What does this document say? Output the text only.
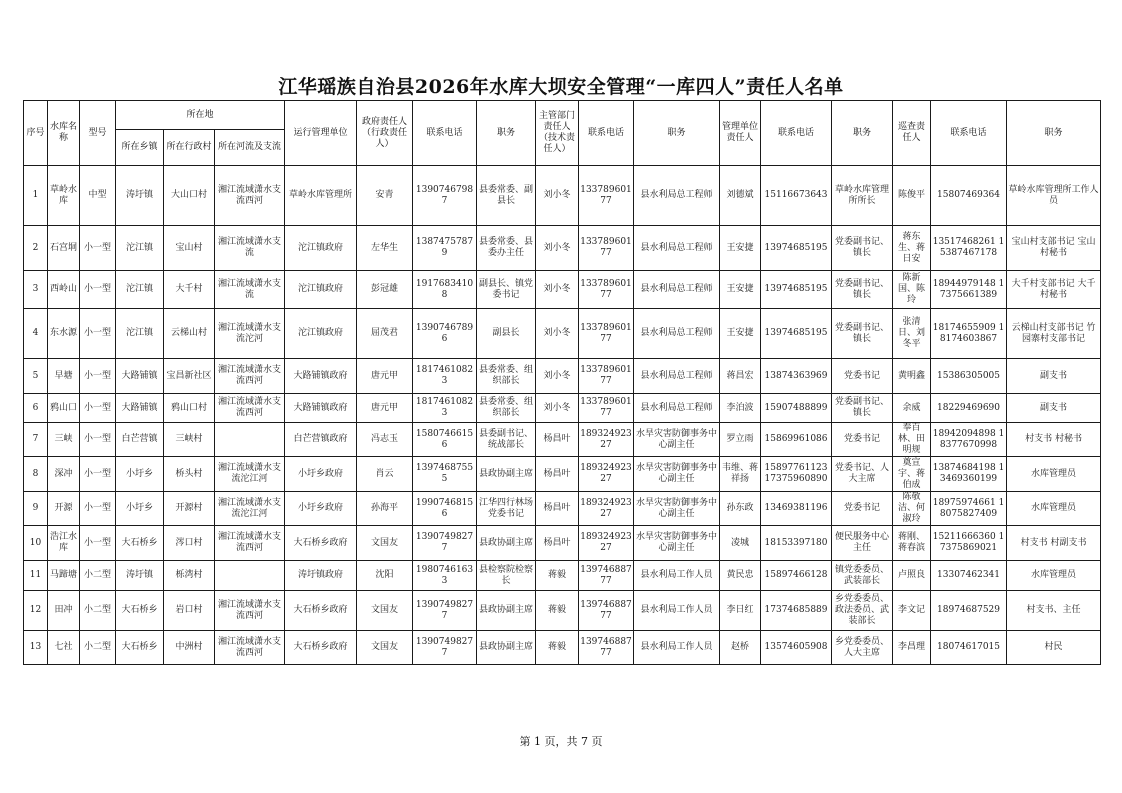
江华瑶族自治县2026年水库大坝安全管理“一库四人”责任人名单
序号	水库名称	型号	所在地			运行管理单位	政府责任人（行政责任人）	联系电话	职务	主管部门责任人（技术责任人）	联系电话	职务	管理单位责任人	联系电话	职务	巡查责任人	联系电话	职务
			所在乡镇	所在行政村	所在河流及支流													
1	草岭水库	中型	涛圩镇	大山口村	湘江流域潇水支流西河	草岭水库管理所	安青	13907467987	县委常委、副县长	刘小冬	13378960177	县水利局总工程师	刘德斌	15116673643	草岭水库管理所所长	陈俊平	15807469364	草岭水库管理所工作人员
2	石宫垌	小一型	沱江镇	宝山村	湘江流域潇水支流	沱江镇政府	左华生	13874757879	县委常委、县委办主任	刘小冬	13378960177	县水利局总工程师	王安捷	13974685195	党委副书记、镇长	蒋东生、蒋日安	13517468261 15387467178	宝山村支部书记 宝山村秘书
3	西岭山	小一型	沱江镇	大千村	湘江流域潇水支流	沱江镇政府	彭冠雄	19176834108	副县长、镇党委书记	刘小冬	13378960177	县水利局总工程师	王安捷	13974685195	党委副书记、镇长	陈新国、陈玲	18944979148 17375661389	大千村支部书记 大千村秘书
4	东水源	小一型	沱江镇	云梯山村	湘江流域潇水支流沱河	沱江镇政府	屈茂君	13907467896	副县长	刘小冬	13378960177	县水利局总工程师	王安捷	13974685195	党委副书记、镇长	张清日、刘冬平	18174655909 18174603867	云梯山村支部书记 竹园寨村支部书记
5	早塘	小一型	大路铺镇	宝昌新社区	湘江流域潇水支流西河	大路铺镇政府	唐元甲	18174610823	县委常委、组织部长	刘小冬	13378960177	县水利局总工程师	蒋昌宏	13874363969	党委书记	黄明鑫	15386305005	副支书
6	鸦山口	小一型	大路铺镇	鸦山口村	湘江流域潇水支流西河	大路铺镇政府	唐元甲	18174610823	县委常委、组织部长	刘小冬	13378960177	县水利局总工程师	李泊波	15907488899	党委副书记、镇长	余威	18229469690	副支书
7	三峡	小一型	白芒营镇	三峡村		白芒营镇政府	冯志玉	15807466156	县委副书记、统战部长	杨昌叶	18932492327	水旱灾害防御事务中心副主任	罗立雨	15869961086	党委书记	奉百林、田明规	18942094898 18377670998	村支书 村秘书
8	深冲	小一型	小圩乡	桥头村	湘江流域潇水支流沱江河	小圩乡政府	肖云	13974687555	县政协副主席	杨昌叶	18932492327	水旱灾害防御事务中心副主任	韦维、蒋祥扬	15897761123 17375960890	党委书记、人大主席	奠宣宇、蒋伯成	13874684198 13469360199	水库管理员
9	开源	小一型	小圩乡	开源村	湘江流域潇水支流沱江河	小圩乡政府	孙海平	19907468156	江华四行林场党委书记	杨昌叶	18932492327	水旱灾害防御事务中心副主任	孙东政	13469381196	党委书记	陈敬洁、何淑玲	18975974661 18075827409	水库管理员
10	浩江水库	小一型	大石桥乡	涔口村	湘江流域潇水支流西河	大石桥乡政府	文国友	13907498277	县政协副主席	杨昌叶	18932492327	水旱灾害防御事务中心副主任	凌城	18153397180	便民服务中心主任	蒋刚、蒋春滨	15211666360 17375869021	村支书 村副支书
11	马蹄塘	小二型	涛圩镇	栎湾村		涛圩镇政府	沈阳	19807461633	县检察院检察长	蒋毅	13974688777	县水利局工作人员	黄民忠	15897466128	镇党委委员、武装部长	卢照良	13307462341	水库管理员
12	田冲	小二型	大石桥乡	岩口村	湘江流域潇水支流西河	大石桥乡政府	文国友	13907498277	县政协副主席	蒋毅	13974688777	县水利局工作人员	李日红	17374685889	乡党委委员、政法委员、武装部长	李文记	18974687529	村支书、主任
13	七社	小二型	大石桥乡	中洲村	湘江流域潇水支流西河	大石桥乡政府	文国友	13907498277	县政协副主席	蒋毅	13974688777	县水利局工作人员	赵桥	13574605908	乡党委委员、人大主席	李昌理	18074617015	村民
第 1 页，共 7 页
